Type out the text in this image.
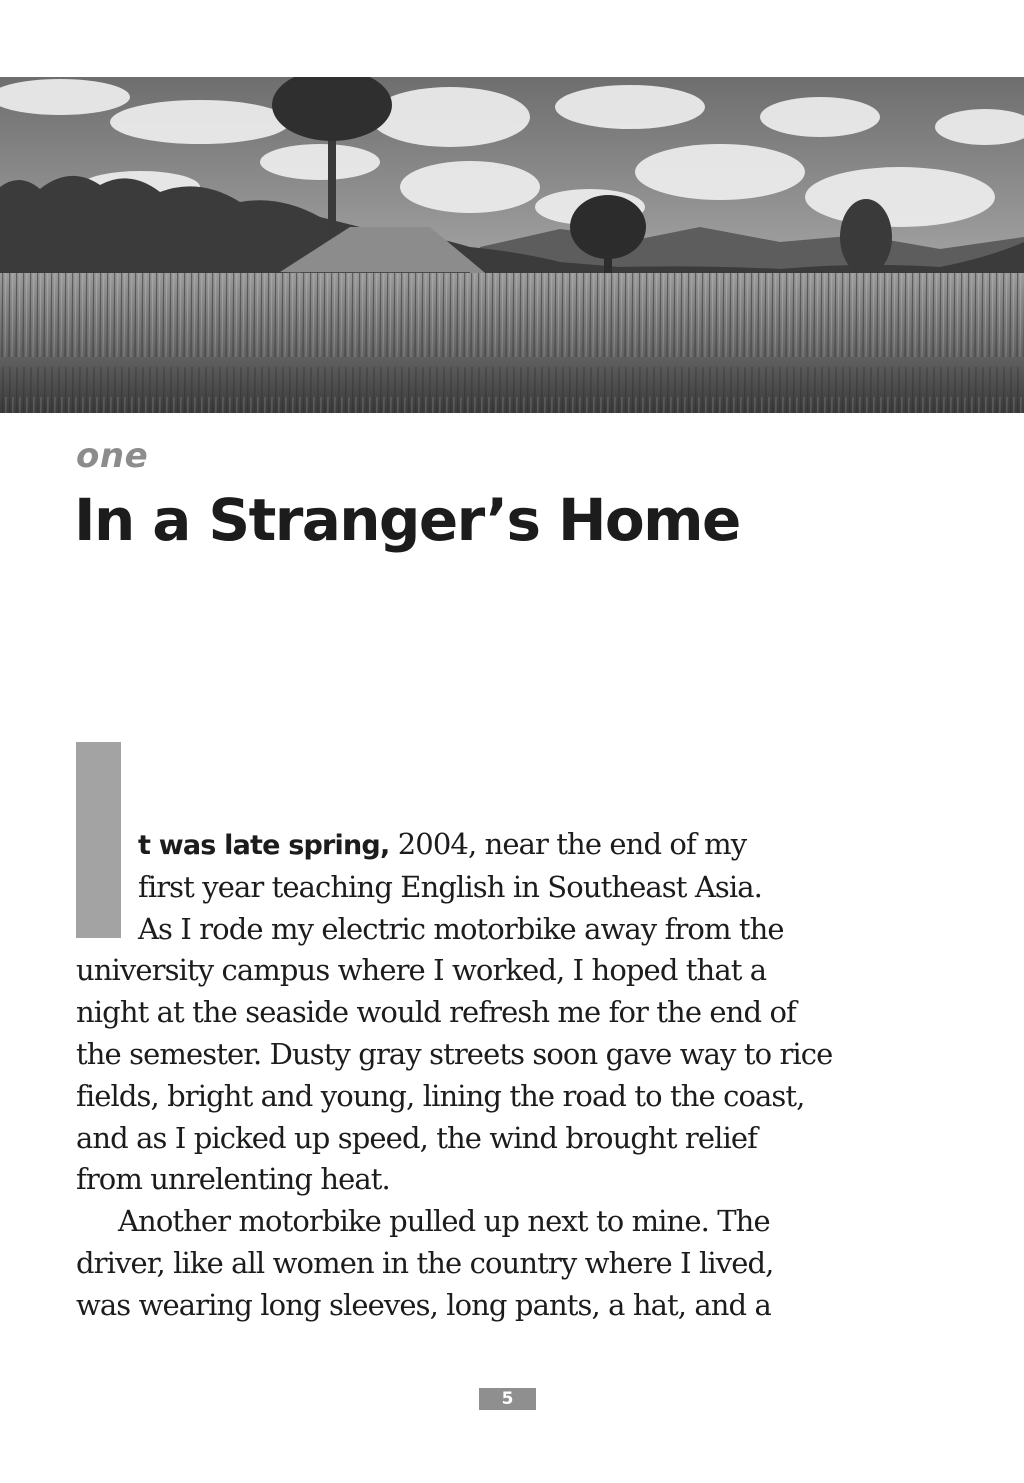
one
In a Stranger’s Home
t was late spring, 2004, near the end of my
first year teaching English in Southeast Asia.
As I rode my electric motorbike away from the
university campus where I worked, I hoped that a
night at the seaside would refresh me for the end of
the semester. Dusty gray streets soon gave way to rice
fields, bright and young, lining the road to the coast,
and as I picked up speed, the wind brought relief
from unrelenting heat.
Another motorbike pulled up next to mine. The
driver, like all women in the country where I lived,
was wearing long sleeves, long pants, a hat, and a
5
